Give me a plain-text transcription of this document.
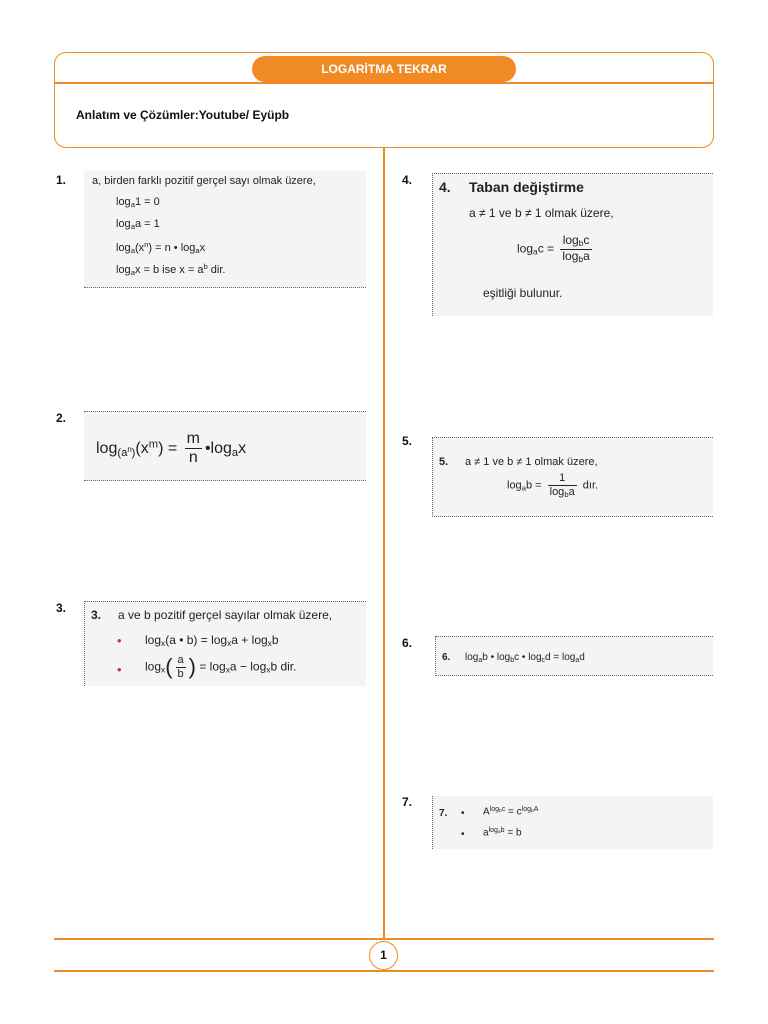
LOGARİTMA TEKRAR
Anlatım ve Çözümler:Youtube/ Eyüpb
1
1. a, birden farklı pozitif gerçel sayı olmak üzere,
$\log_a1 = 0$
$\log_aa = 1$
$\log_a(x^n) = n$ • $\log_ax$
$\log_ax = b$ ise $x = a^b$ dir.
2.
$\log_{(a^n)}(x^m) = \frac{m}{n}$ $•\log_ax$
3. 3. a ve b pozitif gerçel sayılar olmak üzere,
• $\log_x(a$ • $b) = \log_xa + \log_xb$
• $\log_x( \frac{a}{b}$ ) = $\log_xa - \log_xb$ dir.
4. 4. Taban değiştirme
a ≠ 1 ve b ≠ 1 olmak üzere,
$\log_ac = \frac{\log_bc}{\log_ba}$
eşitliği bulunur.
5.
5. a ≠ 1 ve b ≠ 1 olmak üzere,
$\log_ab = \frac{1}{\log_ba}$ dır.
6.
6. $\log_ab$ • $\log_bc$ • $\log_cd = \log_ad$
7.
7. • $A^{log_bc} = c^{log_bA}$
• $a^{log_ab} = b$
